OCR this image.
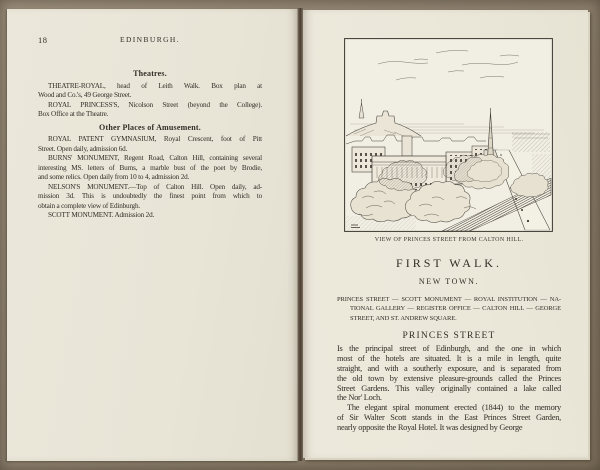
18	EDINBURGH.
Theatres.

THEATRE-ROYAL, head of Leith Walk. Box plan at
Wood and Co.'s, 49 George Street.

ROYAL PRINCESS'S, Nicolson Street (beyond the College).
Box Office at the Theatre.

Other Places of Amusement.

ROYAL PATENT GYMNASIUM, Royal Crescent, foot of Pitt
Street. Open daily, admission 6d.

BURNS' MONUMENT, Regent Road, Calton Hill, containing several
interesting MS. letters of Burns, a marble bust of the poet by Brodie,
and some relics. Open daily from 10 to 4, admission 2d.

NELSON'S MONUMENT.—Top of Calton Hill. Open daily, ad-
mission 3d. This is undoubtedly the finest point from which to
obtain a complete view of Edinburgh.

SCOTT MONUMENT. Admission 2d.

VIEW OF PRINCES STREET FROM CALTON HILL.
FIRST WALK.
NEW TOWN.
PRINCES STREET — SCOTT MONUMENT — ROYAL INSTITUTION — NA-
TIONAL GALLERY — REGISTER OFFICE — CALTON HILL — GEORGE
STREET, AND ST. ANDREW SQUARE.
PRINCES STREET
Is the principal street of Edinburgh, and the one in which
most of the hotels are situated. It is a mile in length, quite
straight, and with a southerly exposure, and is separated from
the old town by extensive pleasure-grounds called the Princes
Street Gardens. This valley originally contained a lake called
the Nor' Loch.
The elegant spiral monument erected (1844) to the memory
of Sir Walter Scott stands in the East Princes Street Garden,
nearly opposite the Royal Hotel. It was designed by George
